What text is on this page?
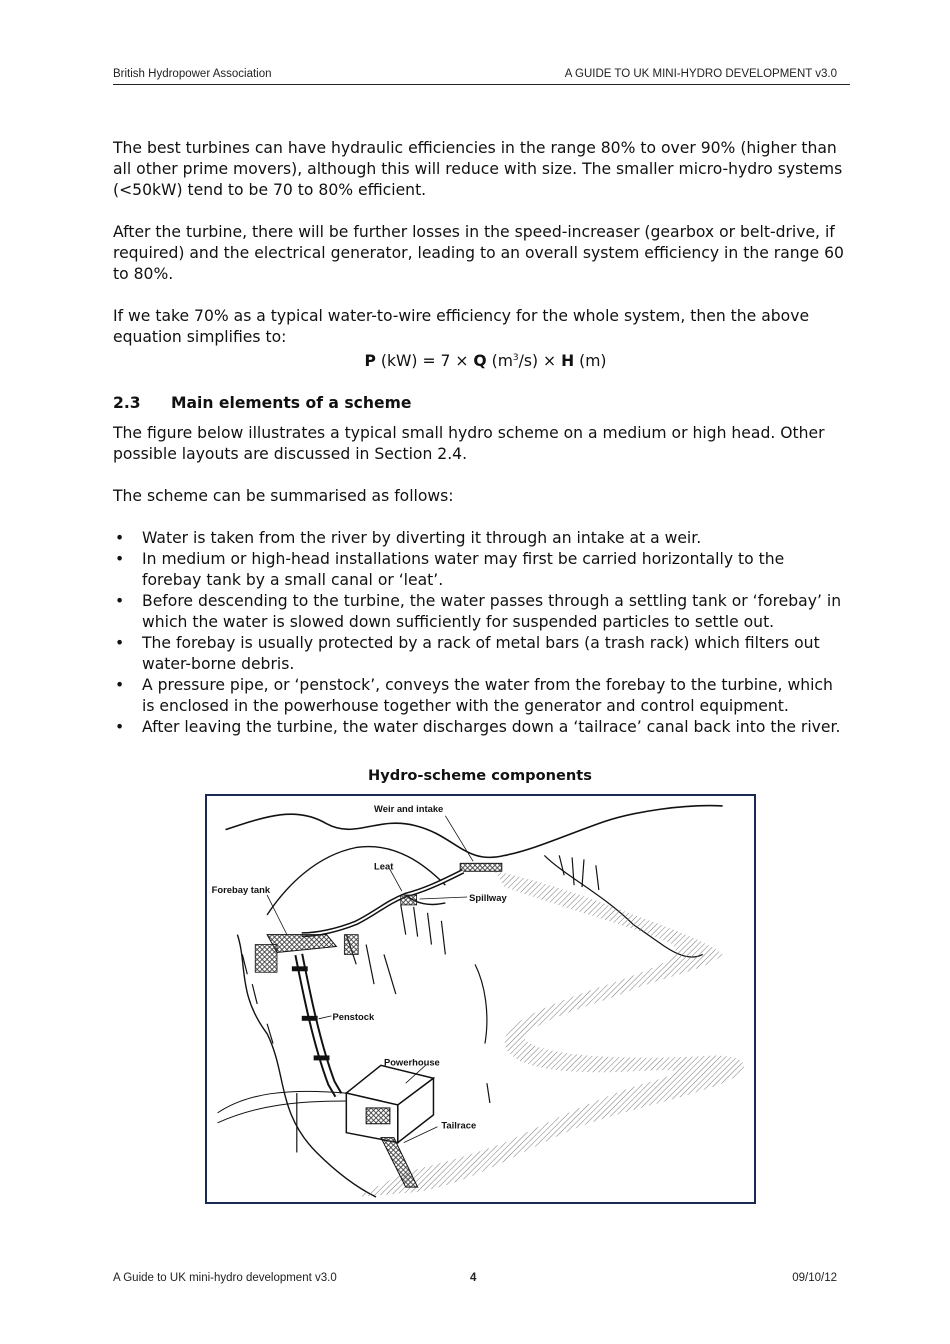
British Hydropower Association	A GUIDE TO UK MINI-HYDRO DEVELOPMENT v3.0

The best turbines can have hydraulic efficiencies in the range 80% to over 90% (higher than all other prime movers), although this will reduce with size. The smaller micro-hydro systems (<50kW) tend to be 70 to 80% efficient.

After the turbine, there will be further losses in the speed-increaser (gearbox or belt-drive, if required) and the electrical generator, leading to an overall system efficiency in the range 60 to 80%.

If we take 70% as a typical water-to-wire efficiency for the whole system, then the above equation simplifies to:

P (kW) = 7 × Q $(m^3/s) \times H$ (m)
2.3 Main elements of a scheme

The figure below illustrates a typical small hydro scheme on a medium or high head. Other possible layouts are discussed in Section 2.4.

The scheme can be summarised as follows:

• Water is taken from the river by diverting it through an intake at a weir.
• In medium or high-head installations water may first be carried horizontally to the forebay tank by a small canal or ‘leat’.
• Before descending to the turbine, the water passes through a settling tank or ‘forebay’ in which the water is slowed down sufficiently for suspended particles to settle out.
• The forebay is usually protected by a rack of metal bars (a trash rack) which filters out water-borne debris.
• A pressure pipe, or ‘penstock’, conveys the water from the forebay to the turbine, which is enclosed in the powerhouse together with the generator and control equipment.
• After leaving the turbine, the water discharges down a ‘tailrace’ canal back into the river.
Hydro-scheme components
Weir and intake
Leat
Forebay tank
Spillway
Penstock
Powerhouse
Tailrace
A Guide to UK mini-hydro development v3.0	4	09/10/12
